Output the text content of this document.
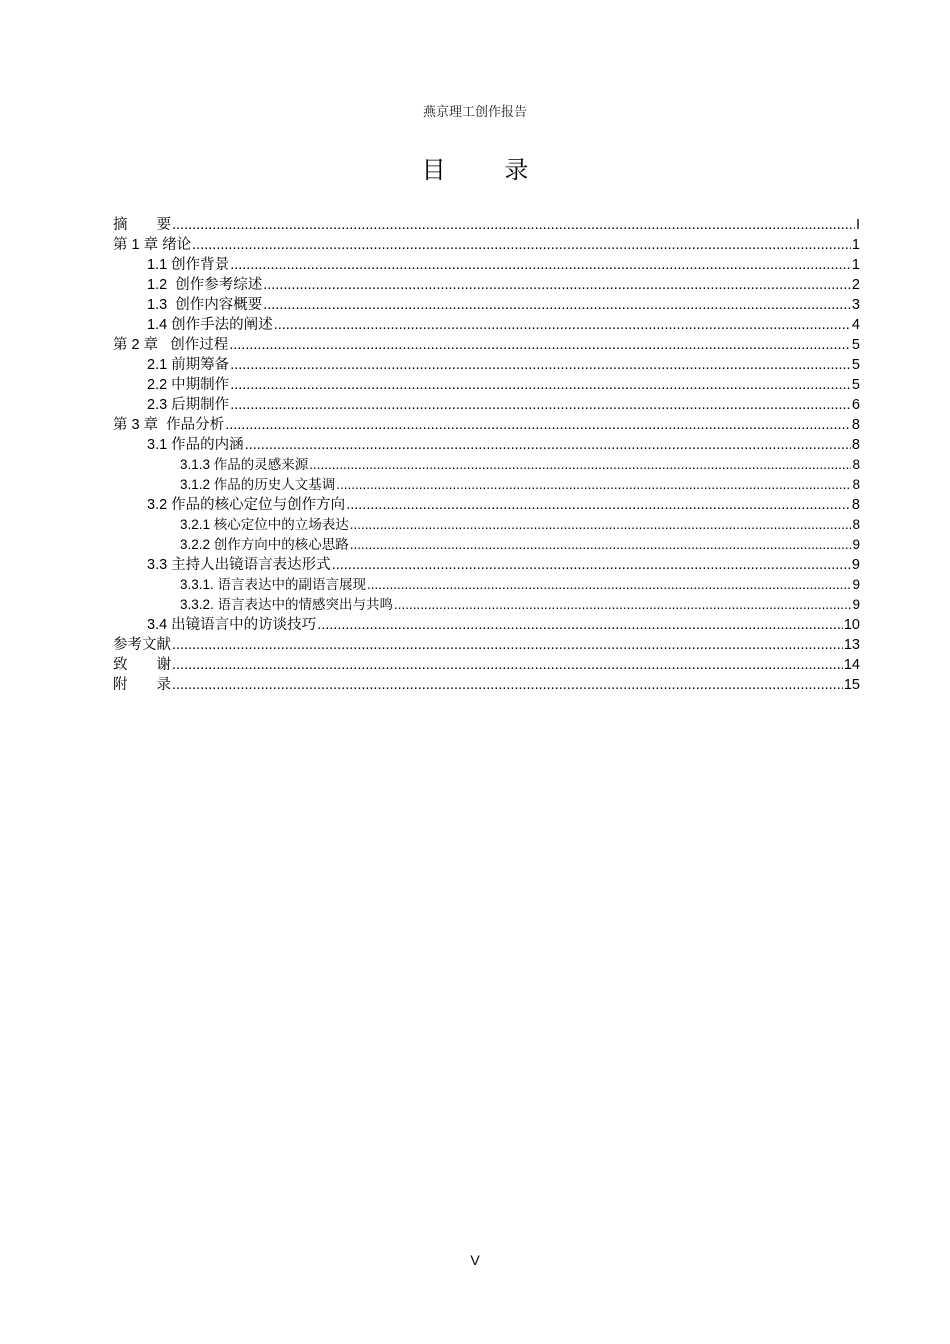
燕京理工创作报告
目 录
摘　　要 .....	I
第 1 章 绪论 .....	1
1.1 创作背景 .....	1
1.2  创作参考综述 .....	2
1.3  创作内容概要 .....	3
1.4 创作手法的阐述 .....	4
第 2 章   创作过程 .....	5
2.1 前期筹备 .....	5
2.2 中期制作 .....	5
2.3 后期制作 .....	6
第 3 章  作品分析 .....	8
3.1 作品的内涵 .....	8
3.1.3 作品的灵感来源 .....	8
3.1.2 作品的历史人文基调 .....	8
3.2 作品的核心定位与创作方向 .....	8
3.2.1 核心定位中的立场表达 .....	8
3.2.2 创作方向中的核心思路 .....	9
3.3 主持人出镜语言表达形式 .....	9
3.3.1. 语言表达中的副语言展现 .....	9
3.3.2. 语言表达中的情感突出与共鸣 .....	9
3.4 出镜语言中的访谈技巧 .....	10
参考文献 .....	13
致　　谢 .....	14
附　　录 .....	15
V
